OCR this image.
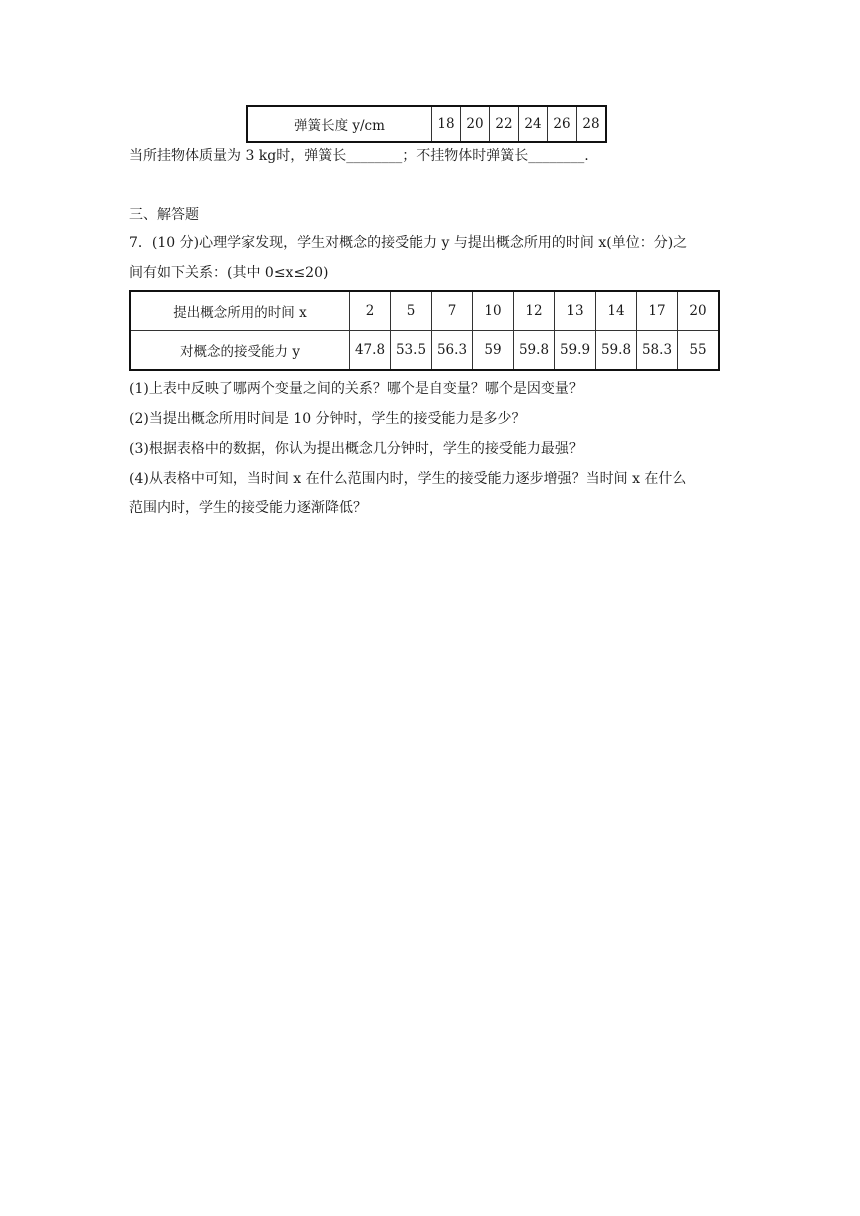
弹簧长度 y/cm	18	20	22	24	26	28
当所挂物体质量为 3 kg时，弹簧长________；不挂物体时弹簧长________.
三、解答题
7．(10 分)心理学家发现，学生对概念的接受能力 y 与提出概念所用的时间 x(单位：分)之
间有如下关系：(其中 0≤x≤20)
提出概念所用的时间 x	2	5	7	10	12	13	14	17	20
对概念的接受能力 y	47.8	53.5	56.3	59	59.8	59.9	59.8	58.3	55
(1)上表中反映了哪两个变量之间的关系？哪个是自变量？哪个是因变量？
(2)当提出概念所用时间是 10 分钟时，学生的接受能力是多少？
(3)根据表格中的数据，你认为提出概念几分钟时，学生的接受能力最强？
(4)从表格中可知，当时间 x 在什么范围内时，学生的接受能力逐步增强？当时间 x 在什么
范围内时，学生的接受能力逐渐降低？
